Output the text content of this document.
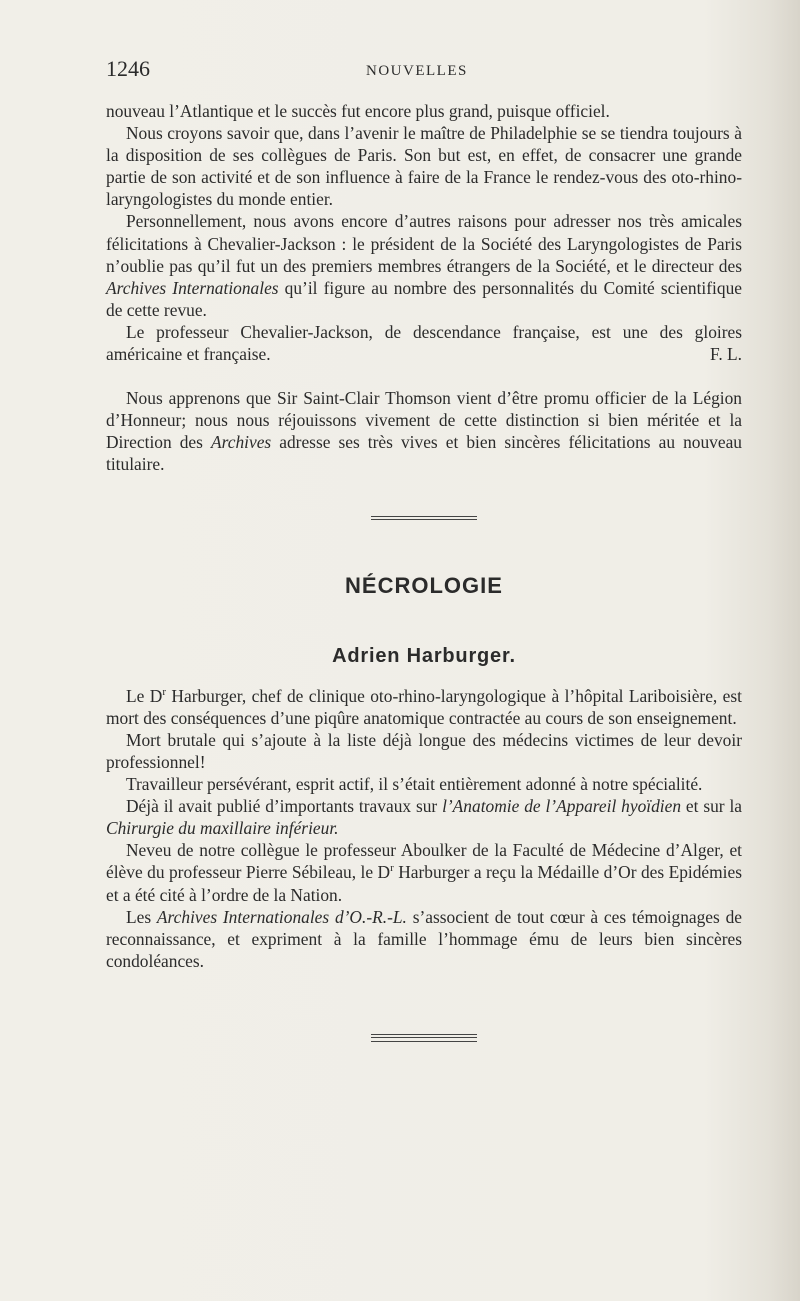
1246	NOUVELLES

nouveau l’Atlantique et le succès fut encore plus grand, puisque officiel.

Nous croyons savoir que, dans l’avenir le maître de Philadelphie se se tiendra toujours à la disposition de ses collègues de Paris. Son but est, en effet, de consacrer une grande partie de son activité et de son influence à faire de la France le rendez-vous des oto-rhino-laryngologistes du monde entier.

Personnellement, nous avons encore d’autres raisons pour adresser nos très amicales félicitations à Chevalier-Jackson : le président de la Société des Laryngologistes de Paris n’oublie pas qu’il fut un des premiers membres étrangers de la Société, et le directeur des Archives Internationales qu’il figure au nombre des personnalités du Comité scientifique de cette revue.

Le professeur Chevalier-Jackson, de descendance française, est une des gloires américaine et française.	F. L.

Nous apprenons que Sir Saint-Clair Thomson vient d’être promu officier de la Légion d’Honneur; nous nous réjouissons vivement de cette distinction si bien méritée et la Direction des Archives adresse ses très vives et bien sincères félicitations au nouveau titulaire.

NÉCROLOGIE
Adrien Harburger.

Le $D^r$ Harburger, chef de clinique oto-rhino-laryngologique à l’hôpital Lariboisière, est mort des conséquences d’une piqûre anatomique contractée au cours de son enseignement.

Mort brutale qui s’ajoute à la liste déjà longue des médecins victimes de leur devoir professionnel!

Travailleur persévérant, esprit actif, il s’était entièrement adonné à notre spécialité.

Déjà il avait publié d’importants travaux sur l’Anatomie de l’Appareil hyoïdien et sur la Chirurgie du maxillaire inférieur.

Neveu de notre collègue le professeur Aboulker de la Faculté de Médecine d’Alger, et élève du professeur Pierre Sébileau, le $D^r$ Harburger a reçu la Médaille d’Or des Epidémies et a été cité à l’ordre de la Nation.

Les Archives Internationales d’O.-R.-L. s’associent de tout cœur à ces témoignages de reconnaissance, et expriment à la famille l’hommage ému de leurs bien sincères condoléances.
